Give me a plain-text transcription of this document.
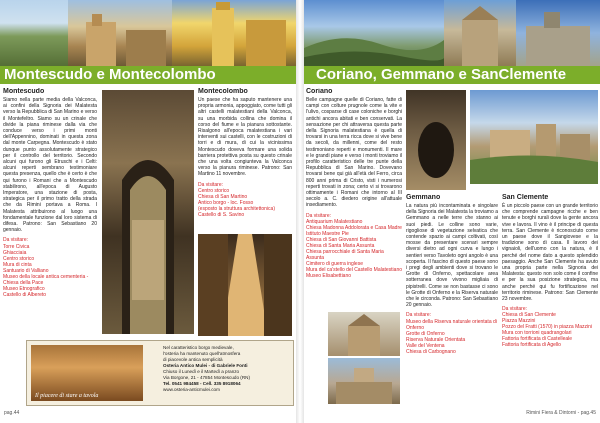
Montescudo e Montecolombo	Coriano, Gemmano e SanClemente
Montescudo

Siamo nella parte media della Valconca, ai confini della Signoria dei Malatesta verso la Repubblica di San Marino e verso il Montefeltro. Siamo su un crinale che divide la piana riminese dalla via che conduce verso i primi monti dell'Appennino, dominati in questa zona dal monte Carpegna. Montescudo è stato dunque punto assolutamente strategico per il controllo del territorio. Secondo alcuni qui furono gli Etruschi e i Celti: alcuni reperti sembrano testimoniare questa presenza, quello che è certo è che qui furono i Romani che a Montescudo stabilirono, all'epoca di Augusto Imperatore, una stazione di posta, strategica per il primo tratto della strada che da Rimini portava a Roma. I Malatesta attribuirono al luogo una fondamentale funzione dal loro sistema di difesa. Patrono: San Sebastiano 20 gennaio.

Da visitare:
Torre Civica
Ghiacciaia
Centro storico
Mura di cinta
Santuario di Valliano
Museo della locale antica cementeria - Chiesa della Pace
Museo Etnografico
Castello di Albereto
Montecolombo

Un paese che ha saputo mantenere una propria armonia, appoggiato, come tutti gli altri castelli malatestiani della Valconca, su una morbida collina che domina il corso del fiume e la pianura sottostante. Risalgono all'epoca malatestiana i vari interventi sui castelli, con le costruzioni di torri e di mura, di cui la vicinissima Montescudo doveva formare una solida barriera protettiva posta su questo crinale che una volta congiunteva la Valconca verso la pianura riminese. Patrono: San Martino 11 novembre.

Da visitare:
Centro storico
Chiesa di San Martino
Antico borgo - loc. Fosso
(esposto la struttura architettonica)
Castello di S. Savino
Il piacere di stare a tavola
Nel caratteristico borgo medievale,
l'osteria ha mantenuto quell'atmosfera
di piacevole antica semplicità
Osteria Antico Mulei - di Gabriele Fonti
Chiuso il Lunedì e il Martedì a pranzo
Via Borgone, 21 - 47854 Montescudo (RN)
Tel. 0541 984458 - Cell. 335 8918064
www.osteria-anticmulei.com
Coriano

Belle campagne quelle di Coriano, fatte di campi con colture prugnole come la vite e l'ulivo, cosparse di case coloniche e borghi antichi ancora abitati e ben conservati. La sensazione per chi attraversa questa parte della Signoria malatestiana è quella di trovarsi in una terra ricca dove si vive bene da secoli, da millenni, come del resto testimoniano reperti e monumenti. Il mare e le grandi piane e verso i monti troviamo il profilo caratteristico delle tre punte della Repubblica di San Marino. Dovevano trovarsi bene qui già all'età del Ferro, circa 800 anni prima di Cristo, visti i numerosi reperti trovati in zona; certo vi si trovarono ottimamente i Romani che intorno al III secolo a. C. diedero origine all'attuale insediamento.

Da visitare:
Antiquarium Malatestiano
Chiesa Madonna Addolorata e Casa Madre Istituto Maestre Pie
Chiesa di San Giovanni Battista
Chiesa di Santa Maria Assunta
Chiesa parrocchiale di Santa Maria Assunta
Cimitero di guerra inglese
Mura del ca'stello del Castello Malatestiano
Museo Elisabettiano
Gemmano

La natura più incontaminata e singolare della Signoria dei Malatesta la troviamo a Gemmano a nelle terre che stanno ai suoi piedi. Le colline sono varie, rigogliose di vegetazione selvatica che contende spazio ai campi coltivati, così mosse da presentare scenari sempre diversi dietro ad ogni curva e lungo i sentieri verso Tavoleto ogni angolo è una scoperta. Il fascino di questo paese sono i pregi degli ambienti dove si trovano le Grotte di Onferno, spettacolare area sotterranea dove vivono migliaia di pipistrelli. Come se non bastasse ci sono le Grotte di Onferno e la Riserva naturale che le circonda. Patrono: San Sebastiano 20 gennaio.

Da visitare:
Museo della Riserva naturale orientata di Onferno
Grotte di Onferno
Riserva Naturale Orientata
Valle del Ventena
Chiesa di Carbognano
San Clemente

È un piccolo paese con un grande territorio che comprende campagne ricche e ben tenute e borghi rurali dove la gente ancora vive e lavora. Il vino è il principe di questa terra. San Clemente è riconosciuto come un paese dove il Sangiovese e la tradizione sono di casa. Il lavoro dei vignaioli, dell'uomo con la natura, è il perché del nome dato a questo splendido paesaggio. Anche San Clemente ha avuto una propria parte nella Signoria dei Malatesta: questo non solo come il confine e per la sua posizione strategica, ma anche perché qui fu fortificazione nel territorio riminese. Patrono: San Clemente 23 novembre.

Da visitare:
Chiesa di San Clemente
Piazza Mazzini
Pozzo del Fratti (1570) in piazza Mazzini
Mura con torrioni quadrangolari
Fattoria fortificata di Castelleale
Fattoria fortificata di Agello
pag.44	Rimini Fiera & Dintorni - pag.45
